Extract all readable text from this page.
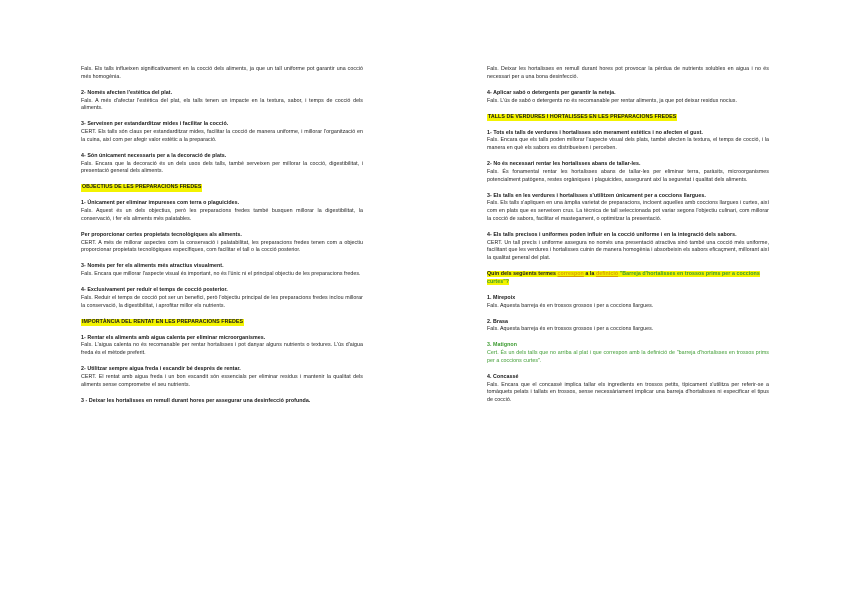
Fals. Els talls influeixen significativament en la cocció dels aliments, ja que un tall uniforme pot garantir una cocció més homogènia.
2- Només afecten l'estètica del plat.
Fals. A més d'afectar l'estètica del plat, els talls tenen un impacte en la textura, sabor, i temps de cocció dels aliments.
3- Serveixen per estandarditzar mides i facilitar la cocció.
CERT. Els talls són claus per estandarditzar mides, facilitar la cocció de manera uniforme, i millorar l'organització en la cuina, així com per afegir valor estètic a la preparació.
4- Són únicament necessaris per a la decoració de plats.
Fals. Encara que la decoració és un dels usos dels talls, també serveixen per millorar la cocció, digestibilitat, i presentació general dels aliments.
OBJECTIUS DE LES PREPARACIONS FREDES
1- Únicament per eliminar impureses com terra o plaguicides.
Fals. Aquest és un dels objectius, però les preparacions fredes també busquen millorar la digestibilitat, la conservació, i fer els aliments més palatables.
Per proporcionar certes propietats tecnològiques als aliments.
CERT. A més de millorar aspectes com la conservació i palatabilitat, les preparacions fredes tenen com a objectiu proporcionar propietats tecnològiques específiques, com facilitar el tall o la cocció posterior.
3- Només per fer els aliments més atractius visualment.
Fals. Encara que millorar l'aspecte visual és important, no és l'únic ni el principal objectiu de les preparacions fredes.
4- Exclusivament per reduir el temps de cocció posterior.
Fals. Reduir el temps de cocció pot ser un benefici, però l'objectiu principal de les preparacions fredes inclou millorar la conservació, la digestibilitat, i aprofitar millor els nutrients.
IMPORTÀNCIA DEL RENTAT EN LES PREPARACIONS FREDES
1- Rentar els aliments amb aigua calenta per eliminar microorganismes.
Fals. L'aigua calenta no és recomanable per rentar hortalisses i pot danyar alguns nutrients o textures. L'ús d'aigua freda és el mètode preferit.
2- Utilitzar sempre aigua freda i escandir bé després de rentar.
CERT. El rentat amb aigua freda i un bon escandit són essencials per eliminar residus i mantenir la qualitat dels aliments sense comprometre el seu nutrients.
3 - Deixar les hortalisses en remull durant hores per assegurar una desinfecció profunda.
Fals. Deixar les hortalisses en remull durant hores pot provocar la pèrdua de nutrients solubles en aigua i no és necessari per a una bona desinfecció.
4- Aplicar sabó o detergents per garantir la neteja.
Fals. L'ús de sabó o detergents no és recomanable per rentar aliments, ja que pot deixar residus nocius.
TALLS DE VERDURES I HORTALISSES EN LES PREPARACIONS FREDES
1- Tots els talls de verdures i hortalisses són merament estètics i no afecten el gust.
Fals. Encara que els talls poden millorar l'aspecte visual dels plats, també afecten la textura, el temps de cocció, i la manera en què els sabors es distribueixen i perceben.
2- No és necessari rentar les hortalisses abans de tallar-les.
Fals. És fonamental rentar les hortalisses abans de tallar-les per eliminar terra, paràsits, microorganismes potencialment patògens, restes orgàniques i plaguicides, assegurant així la seguretat i qualitat dels aliments.
3- Els talls en les verdures i hortalisses s'utilitzen únicament per a coccions llargues.
Fals. Els talls s'apliquen en una àmplia varietat de preparacions, incloent aquelles amb coccions llargues i curtes, així com en plats que es serveixen crus. La tècnica de tall seleccionada pot variar segons l'objectiu culinari, com millorar la cocció de sabors, facilitar el mastegament, o optimitzar la presentació.
4- Els talls precisos i uniformes poden influir en la cocció uniforme i en la integració dels sabors.
CERT. Un tall precís i uniforme assegura no només una presentació atractiva sinó també una cocció més uniforme, facilitant que les verdures i hortalisses cuinin de manera homogènia i absorbeixin els sabors eficaçment, millorant així la qualitat general del plat.
Quin dels següents termes correspon a la definició "Barreja d'hortalisses en trossos prims per a coccions curtes"?
1. Mirepoix
Fals. Aquesta barreja és en trossos grossos i per a coccions llargues.
2. Brasa
Fals. Aquesta barreja és en trossos grossos i per a coccions llargues.
3. Matignon
Cert. És un dels talls que no arriba al plat i que correspon amb la definició de "barreja d'hortalisses en trossos prims per a coccions curtes".
4. Concassé
Fals. Encara que el concassé implica tallar els ingredients en trossos petits, típicament s'utilitza per referir-se a tomàquets pelats i tallats en trossos, sense necessàriament implicar una barreja d'hortalisses ni especificar el tipus de cocció.
